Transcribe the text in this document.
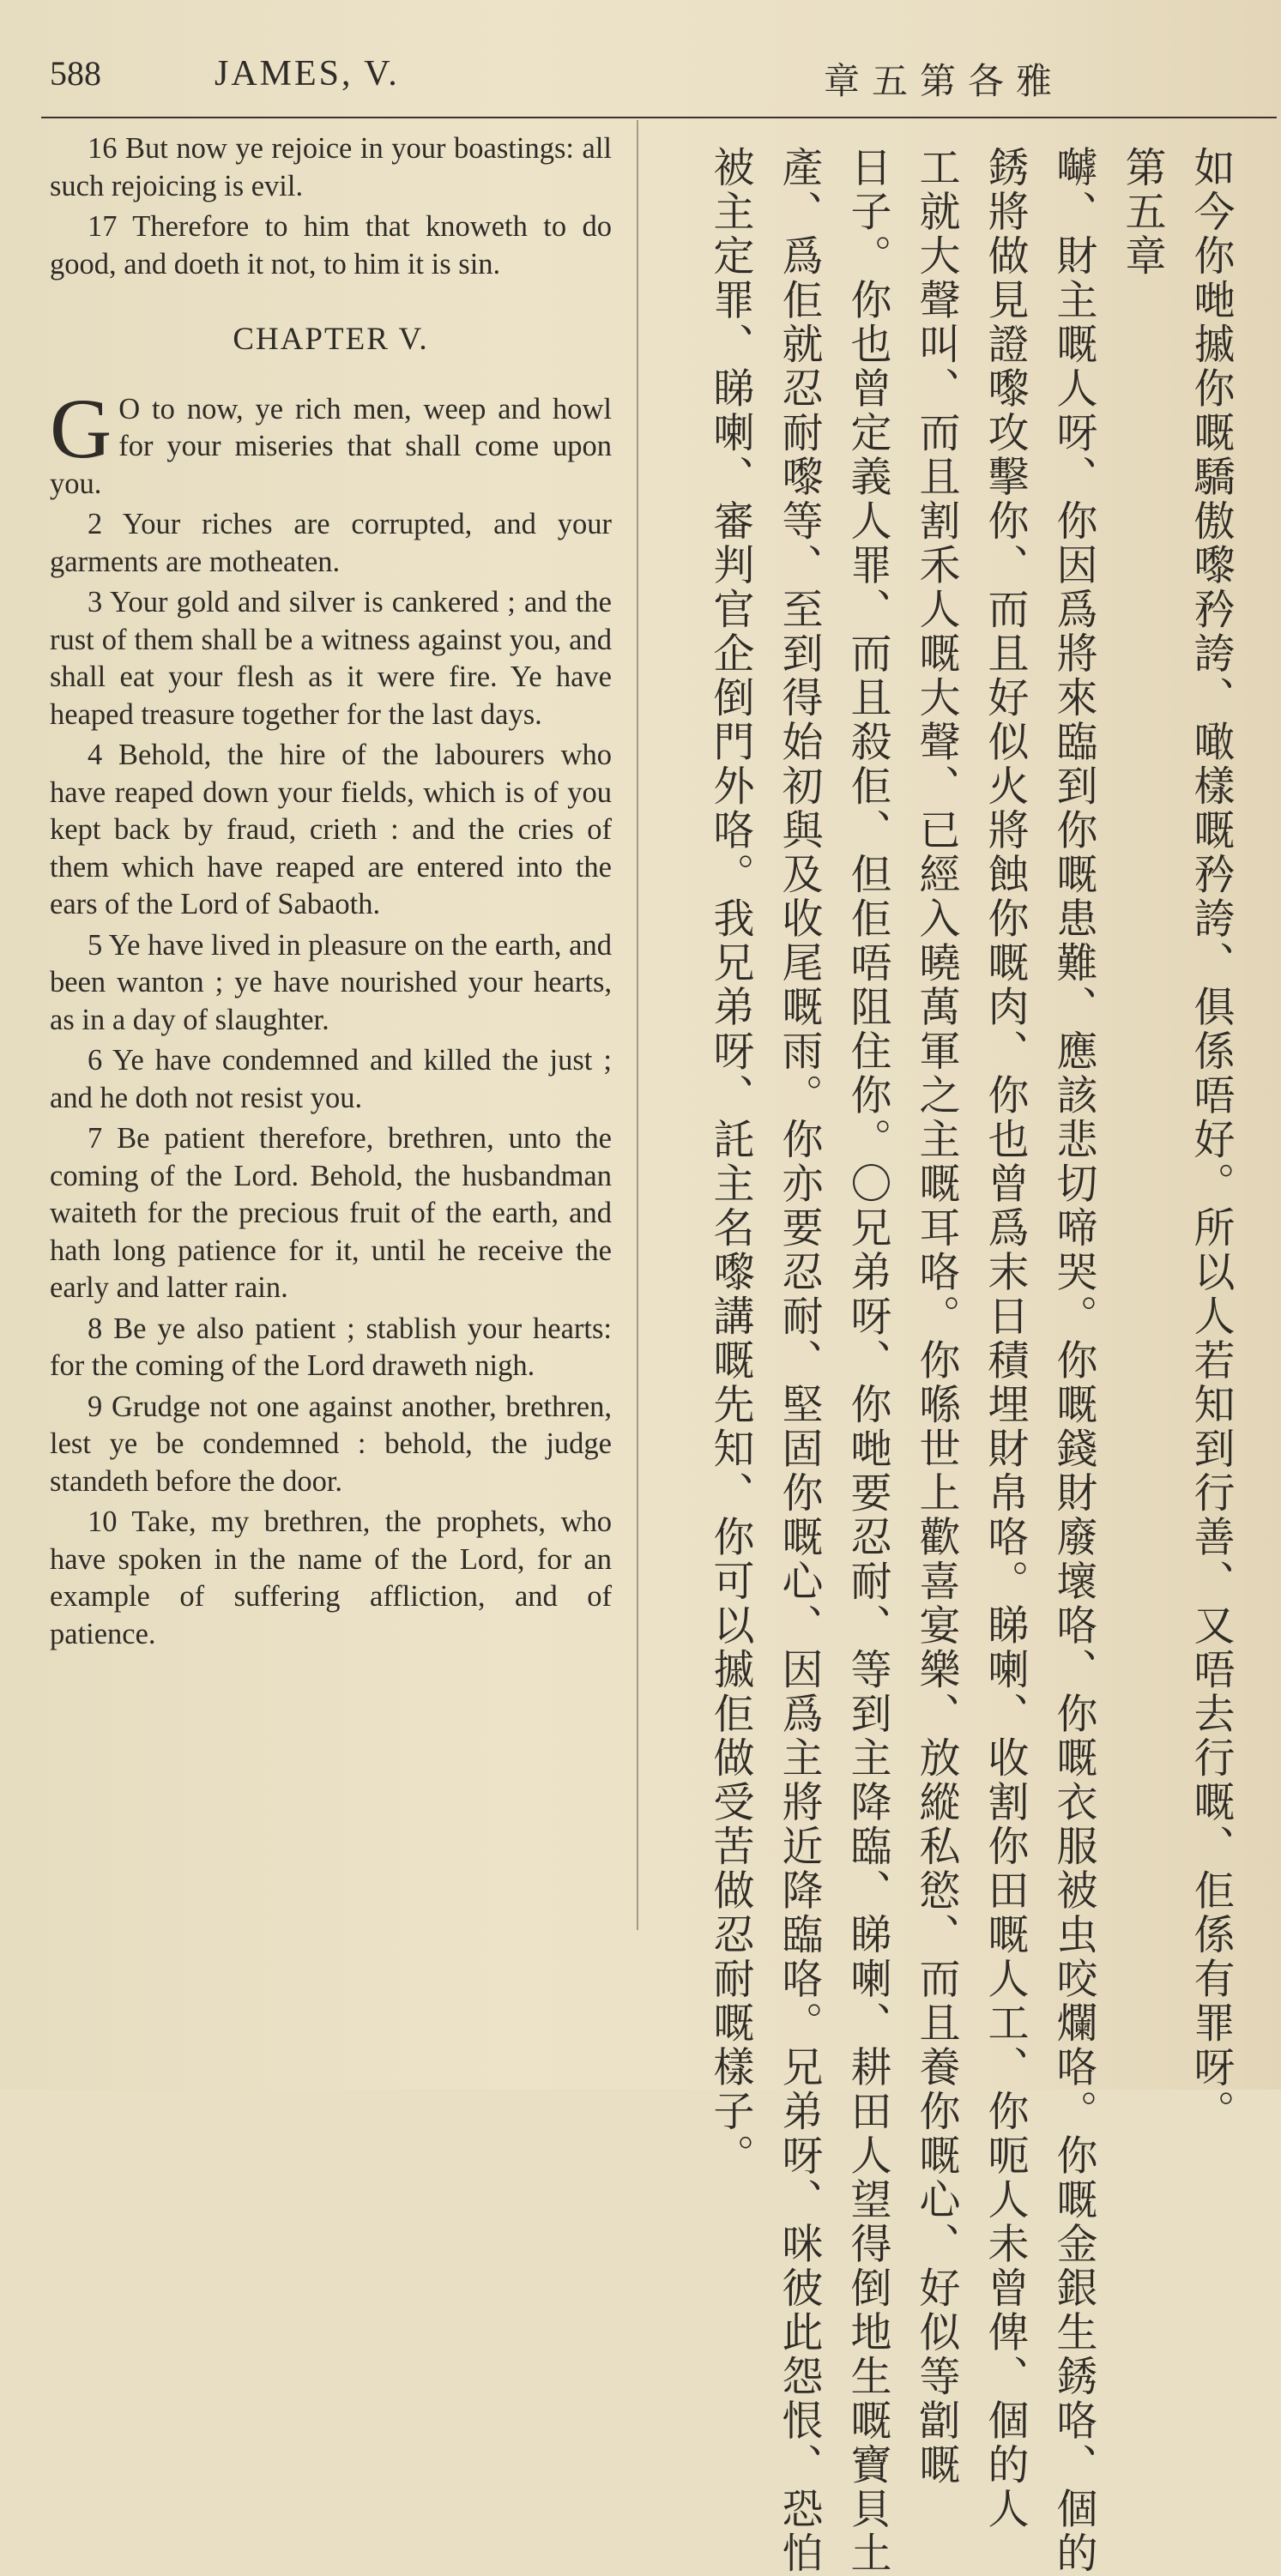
588	JAMES, V.	章五第各雅

16 But now ye rejoice in your boastings: all such rejoicing is evil.

17 Therefore to him that knoweth to do good, and doeth it not, to him it is sin.

CHAPTER V.

G O to now, ye rich men, weep and howl for your miseries that shall come upon you.

2 Your riches are corrupted, and your garments are motheaten.

3 Your gold and silver is cankered ; and the rust of them shall be a witness against you, and shall eat your flesh as it were fire. Ye have heaped treasure together for the last days.

4 Behold, the hire of the labourers who have reaped down your fields, which is of you kept back by fraud, crieth : and the cries of them which have reaped are entered into the ears of the Lord of Sabaoth.

5 Ye have lived in pleasure on the earth, and been wanton ; ye have nourished your hearts, as in a day of slaughter.

6 Ye have condemned and killed the just ; and he doth not resist you.

7 Be patient therefore, brethren, unto the coming of the Lord. Behold, the husbandman waiteth for the precious fruit of the earth, and hath long patience for it, until he receive the early and latter rain.

8 Be ye also patient ; stablish your hearts: for the coming of the Lord draweth nigh.

9 Grudge not one against another, brethren, lest ye be condemned : behold, the judge standeth before the door.

10 Take, my brethren, the prophets, who have spoken in the name of the Lord, for an example of suffering affliction, and of patience.	如今你哋摵你嘅驕傲嚟矜誇、噉樣嘅矜誇、俱係唔好。所以人若知到行善、又唔去行嘅、佢係有罪呀。
第五章
嚹、財主嘅人呀、你因爲將來臨到你嘅患難、應該悲切啼哭。你嘅錢財廢壞咯、你嘅衣服被虫咬爛咯。你嘅金銀生銹咯、個的
銹將做見證嚟攻擊你、而且好似火將蝕你嘅肉、你也曾爲末日積埋財帛咯。睇喇、收割你田嘅人工、你呃人未曾俾、個的人
工就大聲叫、而且割禾人嘅大聲、已經入曉萬軍之主嘅耳咯。你喺世上歡喜宴樂、放縱私慾、而且養你嘅心、好似等劏嘅
日子。你也曾定義人罪、而且殺佢、但佢唔阻住你。〇兄弟呀、你哋要忍耐、等到主降臨、睇喇、耕田人望得倒地生嘅寶貝土
產、爲佢就忍耐嚟等、至到得始初與及收尾嘅雨。你亦要忍耐、堅固你嘅心、因爲主將近降臨咯。兄弟呀、咪彼此怨恨、恐怕
被主定罪、睇喇、審判官企倒門外咯。我兄弟呀、託主名嚟講嘅先知、你可以摵佢做受苦做忍耐嘅樣子。
